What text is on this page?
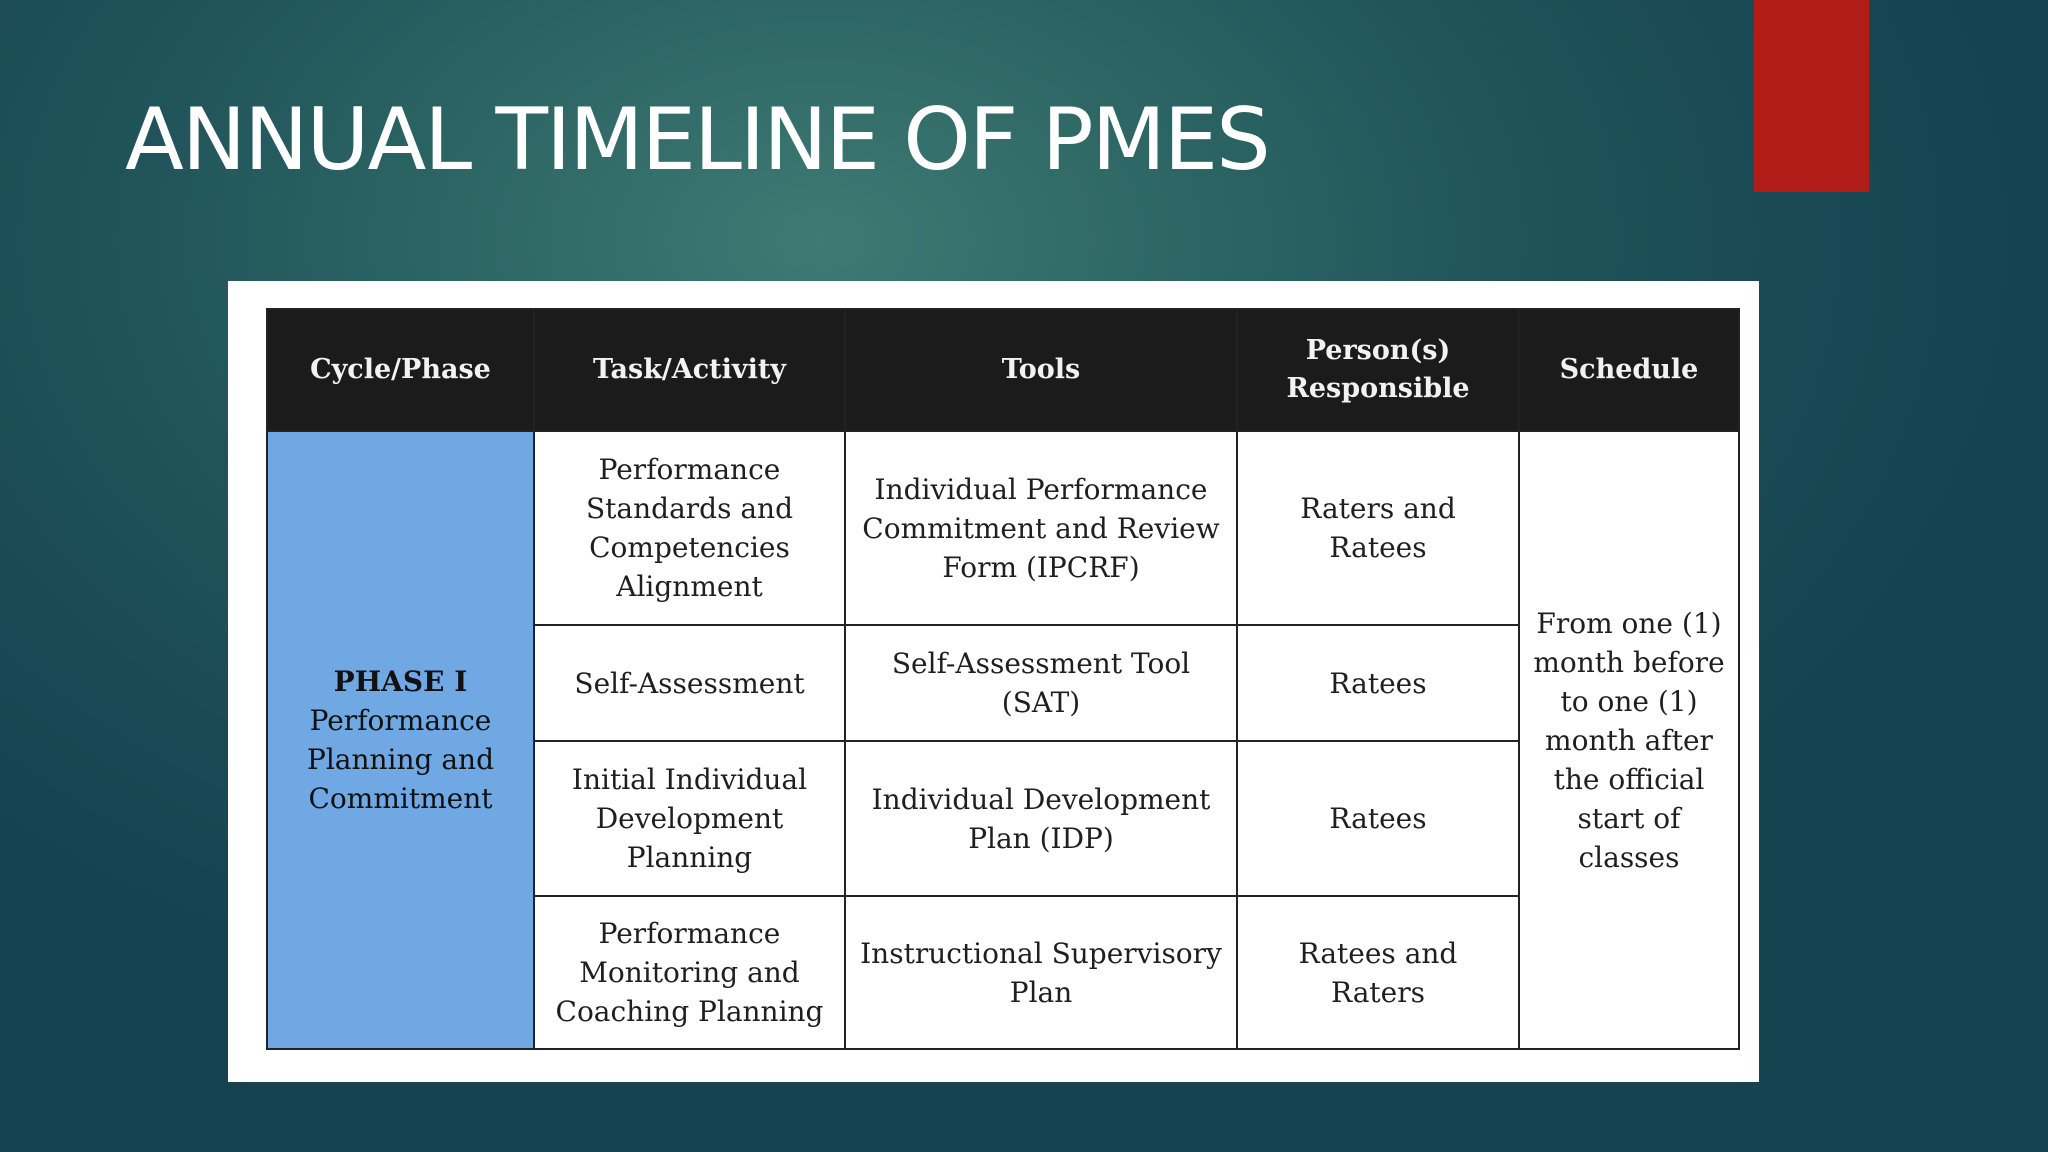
ANNUAL TIMELINE OF PMES
Cycle/Phase	Task/Activity	Tools	Person(s) Responsible	Schedule

PHASE I
Performance Planning and Commitment	Performance Standards and Competencies Alignment	Individual Performance Commitment and Review Form (IPCRF)	Raters and Ratees	From one (1) month before to one (1) month after the official start of classes
	Self-Assessment	Self-Assessment Tool (SAT)	Ratees	
	Initial Individual Development Planning	Individual Development Plan (IDP)	Ratees	
	Performance Monitoring and Coaching Planning	Instructional Supervisory Plan	Ratees and Raters	
